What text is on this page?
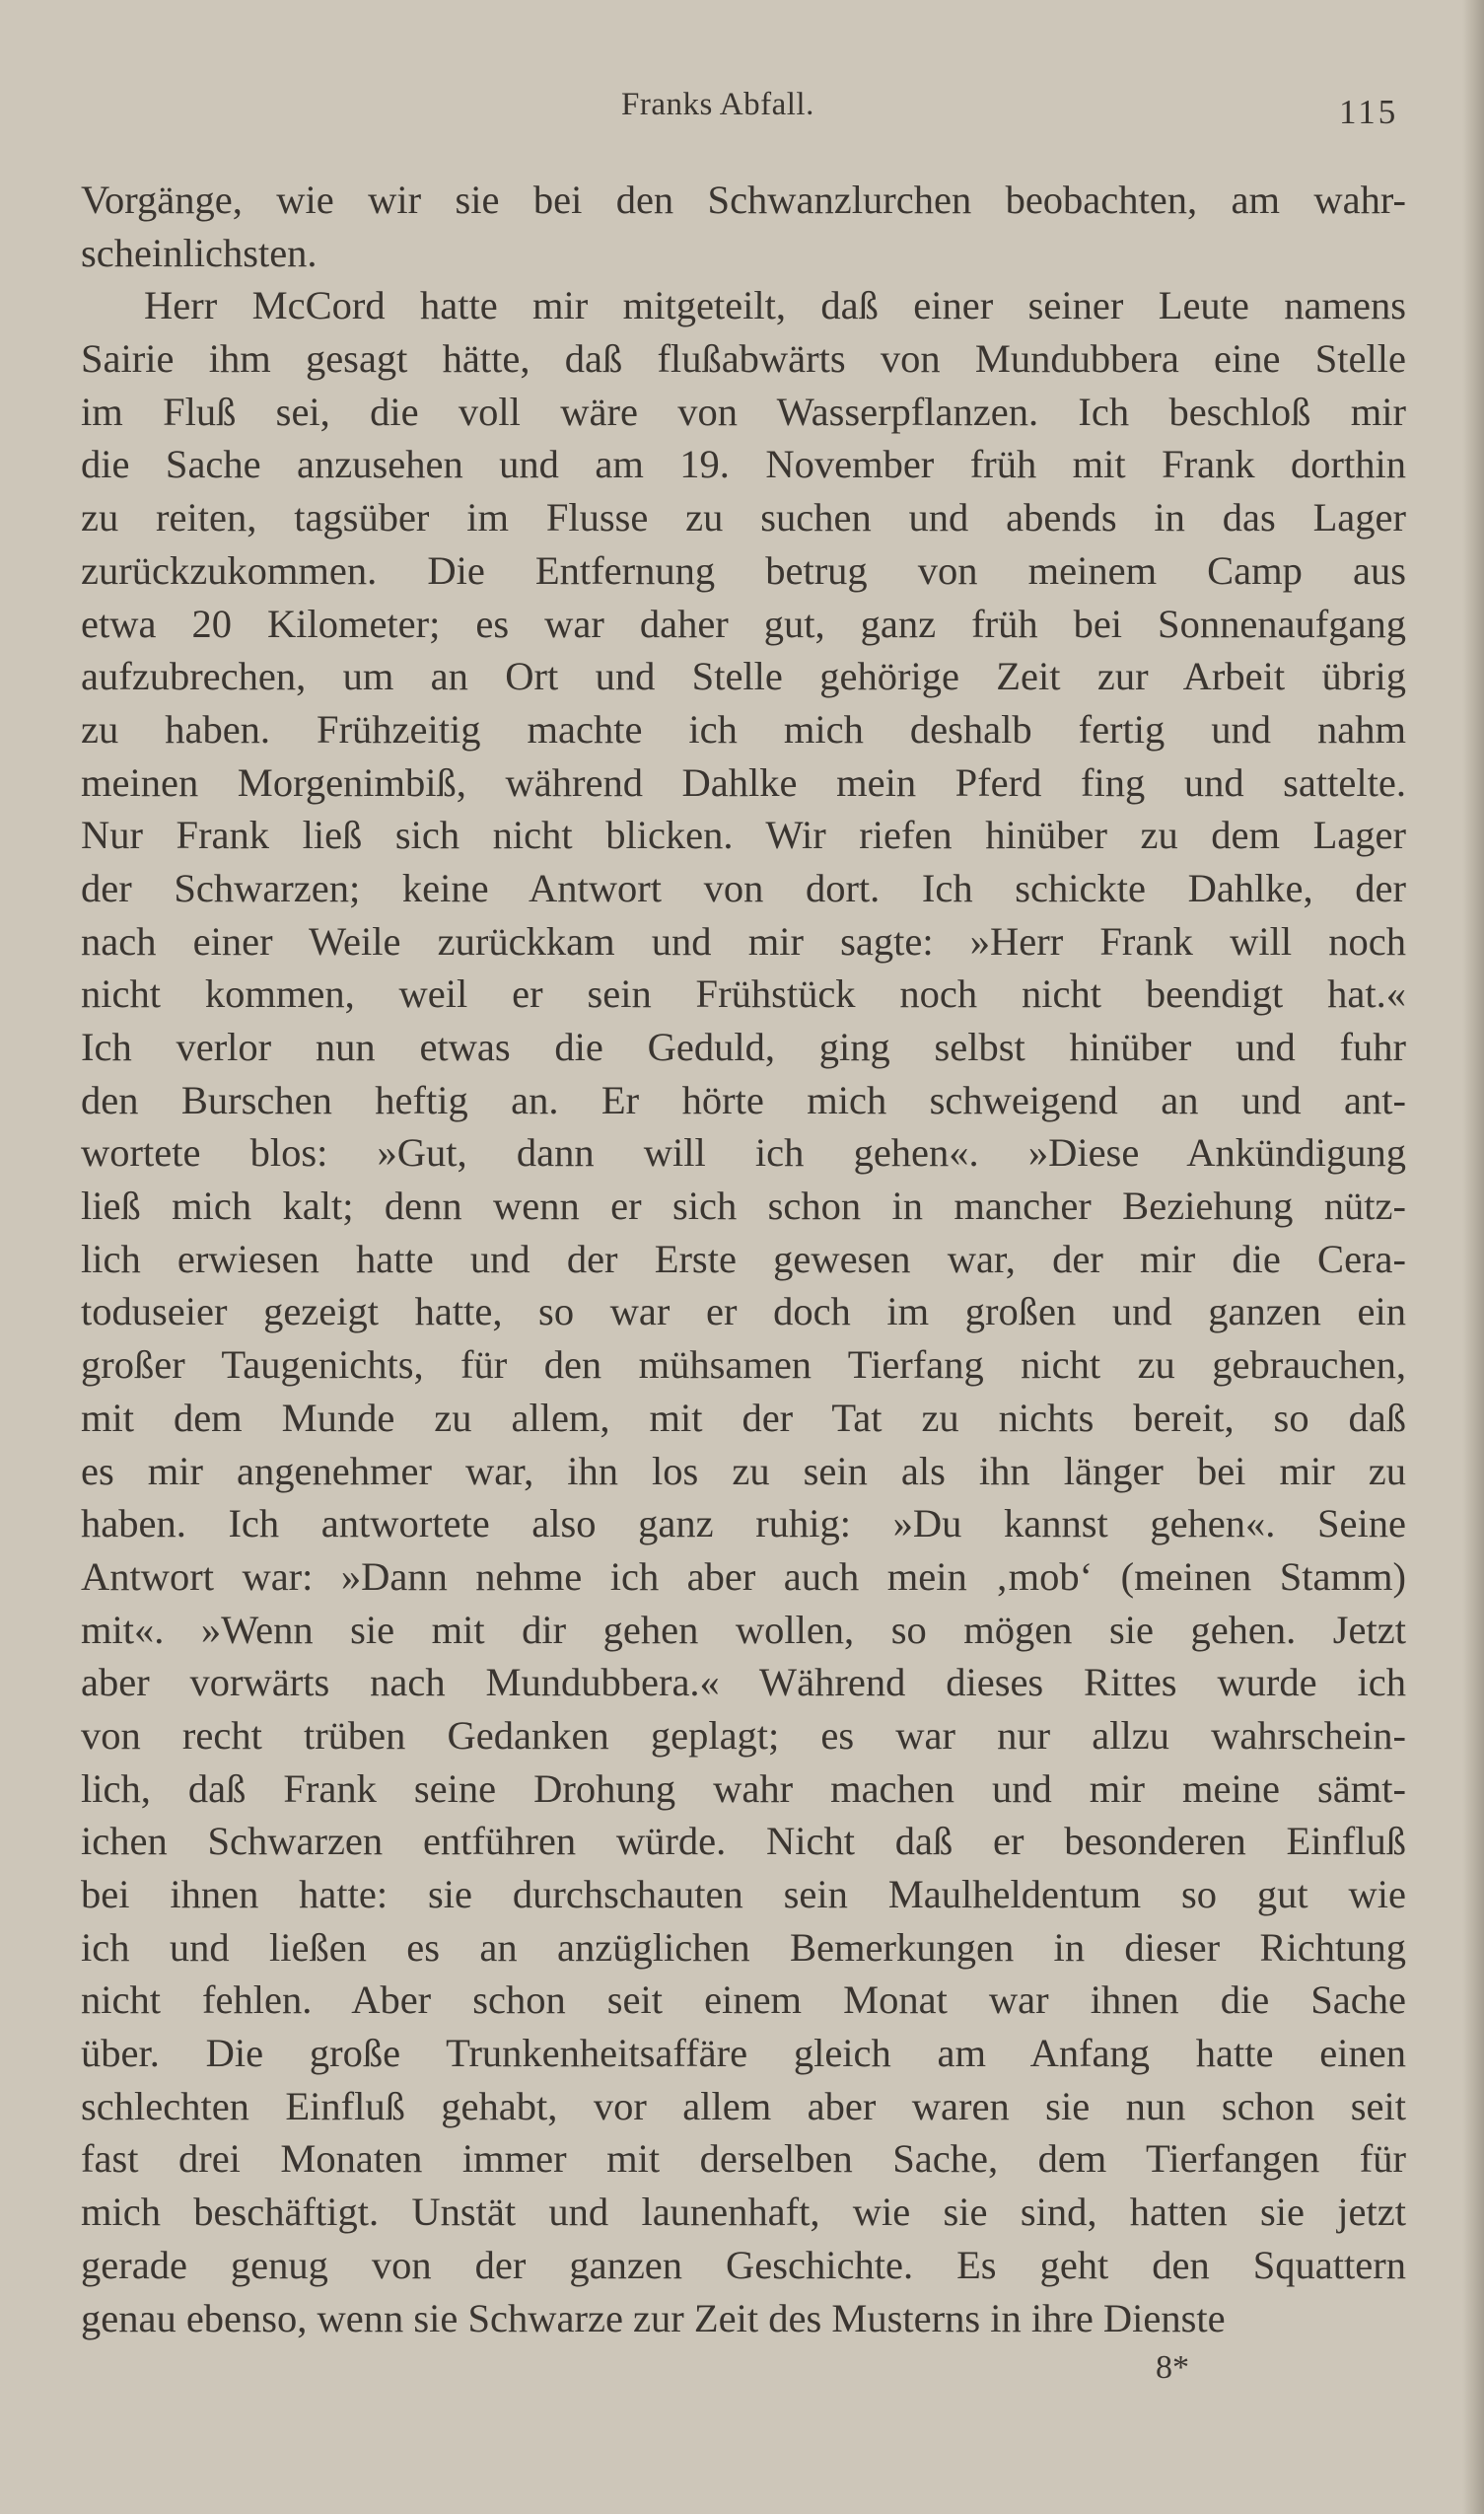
Franks Abfall.	115
Vorgänge, wie wir sie bei den Schwanzlurchen beobachten, am wahr-
scheinlichsten.
Herr McCord hatte mir mitgeteilt, daß einer seiner Leute namens
Sairie ihm gesagt hätte, daß flußabwärts von Mundubbera eine Stelle
im Fluß sei, die voll wäre von Wasserpflanzen. Ich beschloß mir
die Sache anzusehen und am 19. November früh mit Frank dorthin
zu reiten, tagsüber im Flusse zu suchen und abends in das Lager
zurückzukommen. Die Entfernung betrug von meinem Camp aus
etwa 20 Kilometer; es war daher gut, ganz früh bei Sonnenaufgang
aufzubrechen, um an Ort und Stelle gehörige Zeit zur Arbeit übrig
zu haben. Frühzeitig machte ich mich deshalb fertig und nahm
meinen Morgenimbiß, während Dahlke mein Pferd fing und sattelte.
Nur Frank ließ sich nicht blicken. Wir riefen hinüber zu dem Lager
der Schwarzen; keine Antwort von dort. Ich schickte Dahlke, der
nach einer Weile zurückkam und mir sagte: »Herr Frank will noch
nicht kommen, weil er sein Frühstück noch nicht beendigt hat.«
Ich verlor nun etwas die Geduld, ging selbst hinüber und fuhr
den Burschen heftig an. Er hörte mich schweigend an und ant-
wortete blos: »Gut, dann will ich gehen«. »Diese Ankündigung
ließ mich kalt; denn wenn er sich schon in mancher Beziehung nütz-
lich erwiesen hatte und der Erste gewesen war, der mir die Cera-
toduseier gezeigt hatte, so war er doch im großen und ganzen ein
großer Taugenichts, für den mühsamen Tierfang nicht zu gebrauchen,
mit dem Munde zu allem, mit der Tat zu nichts bereit, so daß
es mir angenehmer war, ihn los zu sein als ihn länger bei mir zu
haben. Ich antwortete also ganz ruhig: »Du kannst gehen«. Seine
Antwort war: »Dann nehme ich aber auch mein ‚mob‘ (meinen Stamm)
mit«. »Wenn sie mit dir gehen wollen, so mögen sie gehen. Jetzt
aber vorwärts nach Mundubbera.« Während dieses Rittes wurde ich
von recht trüben Gedanken geplagt; es war nur allzu wahrschein-
lich, daß Frank seine Drohung wahr machen und mir meine sämt-
ichen Schwarzen entführen würde. Nicht daß er besonderen Einfluß
bei ihnen hatte: sie durchschauten sein Maulheldentum so gut wie
ich und ließen es an anzüglichen Bemerkungen in dieser Richtung
nicht fehlen. Aber schon seit einem Monat war ihnen die Sache
über. Die große Trunkenheitsaffäre gleich am Anfang hatte einen
schlechten Einfluß gehabt, vor allem aber waren sie nun schon seit
fast drei Monaten immer mit derselben Sache, dem Tierfangen für
mich beschäftigt. Unstät und launenhaft, wie sie sind, hatten sie jetzt
gerade genug von der ganzen Geschichte. Es geht den Squattern
genau ebenso, wenn sie Schwarze zur Zeit des Musterns in ihre Dienste
8*
